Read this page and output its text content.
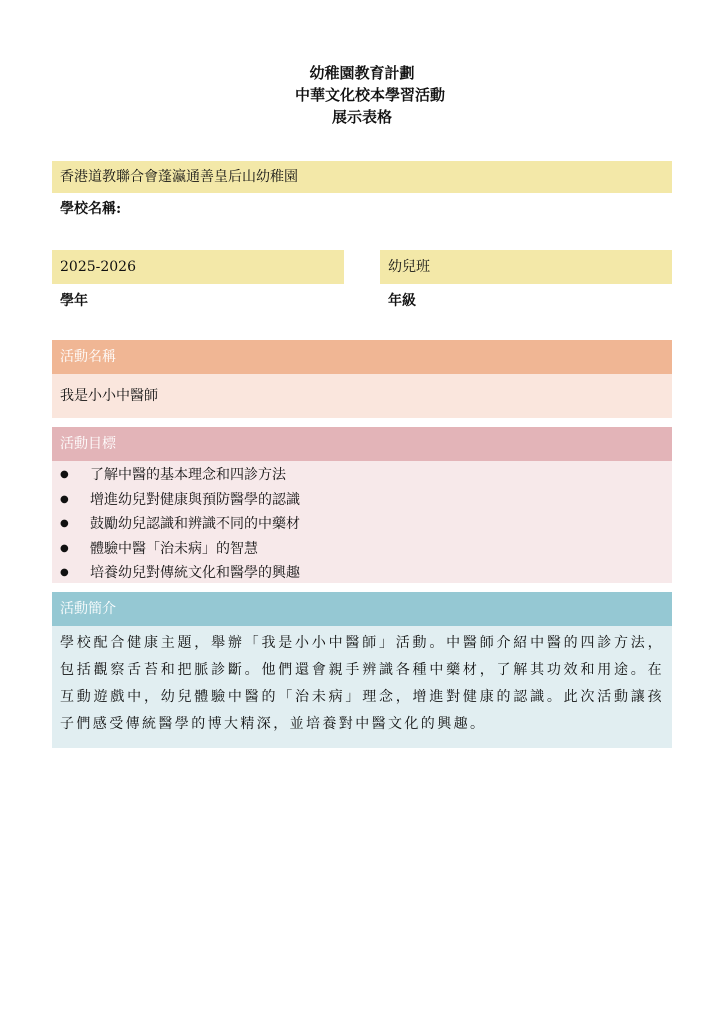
幼稚園教育計劃
中華文化校本學習活動
展示表格
香港道教聯合會蓬瀛通善皇后山幼稚園
學校名稱:
2025-2026
學年
幼兒班
年級
活動名稱
我是小小中醫師
活動目標
● 了解中醫的基本理念和四診方法
● 增進幼兒對健康與預防醫學的認識
● 鼓勵幼兒認識和辨識不同的中藥材
● 體驗中醫「治未病」的智慧
● 培養幼兒對傳統文化和醫學的興趣
活動簡介
學校配合健康主題，舉辦「我是小小中醫師」活動。中醫師介紹中醫的四診方法，包括觀察舌苔和把脈診斷。他們還會親手辨識各種中藥材，了解其功效和用途。在互動遊戲中，幼兒體驗中醫的「治未病」理念，增進對健康的認識。此次活動讓孩子們感受傳統醫學的博大精深，並培養對中醫文化的興趣。
